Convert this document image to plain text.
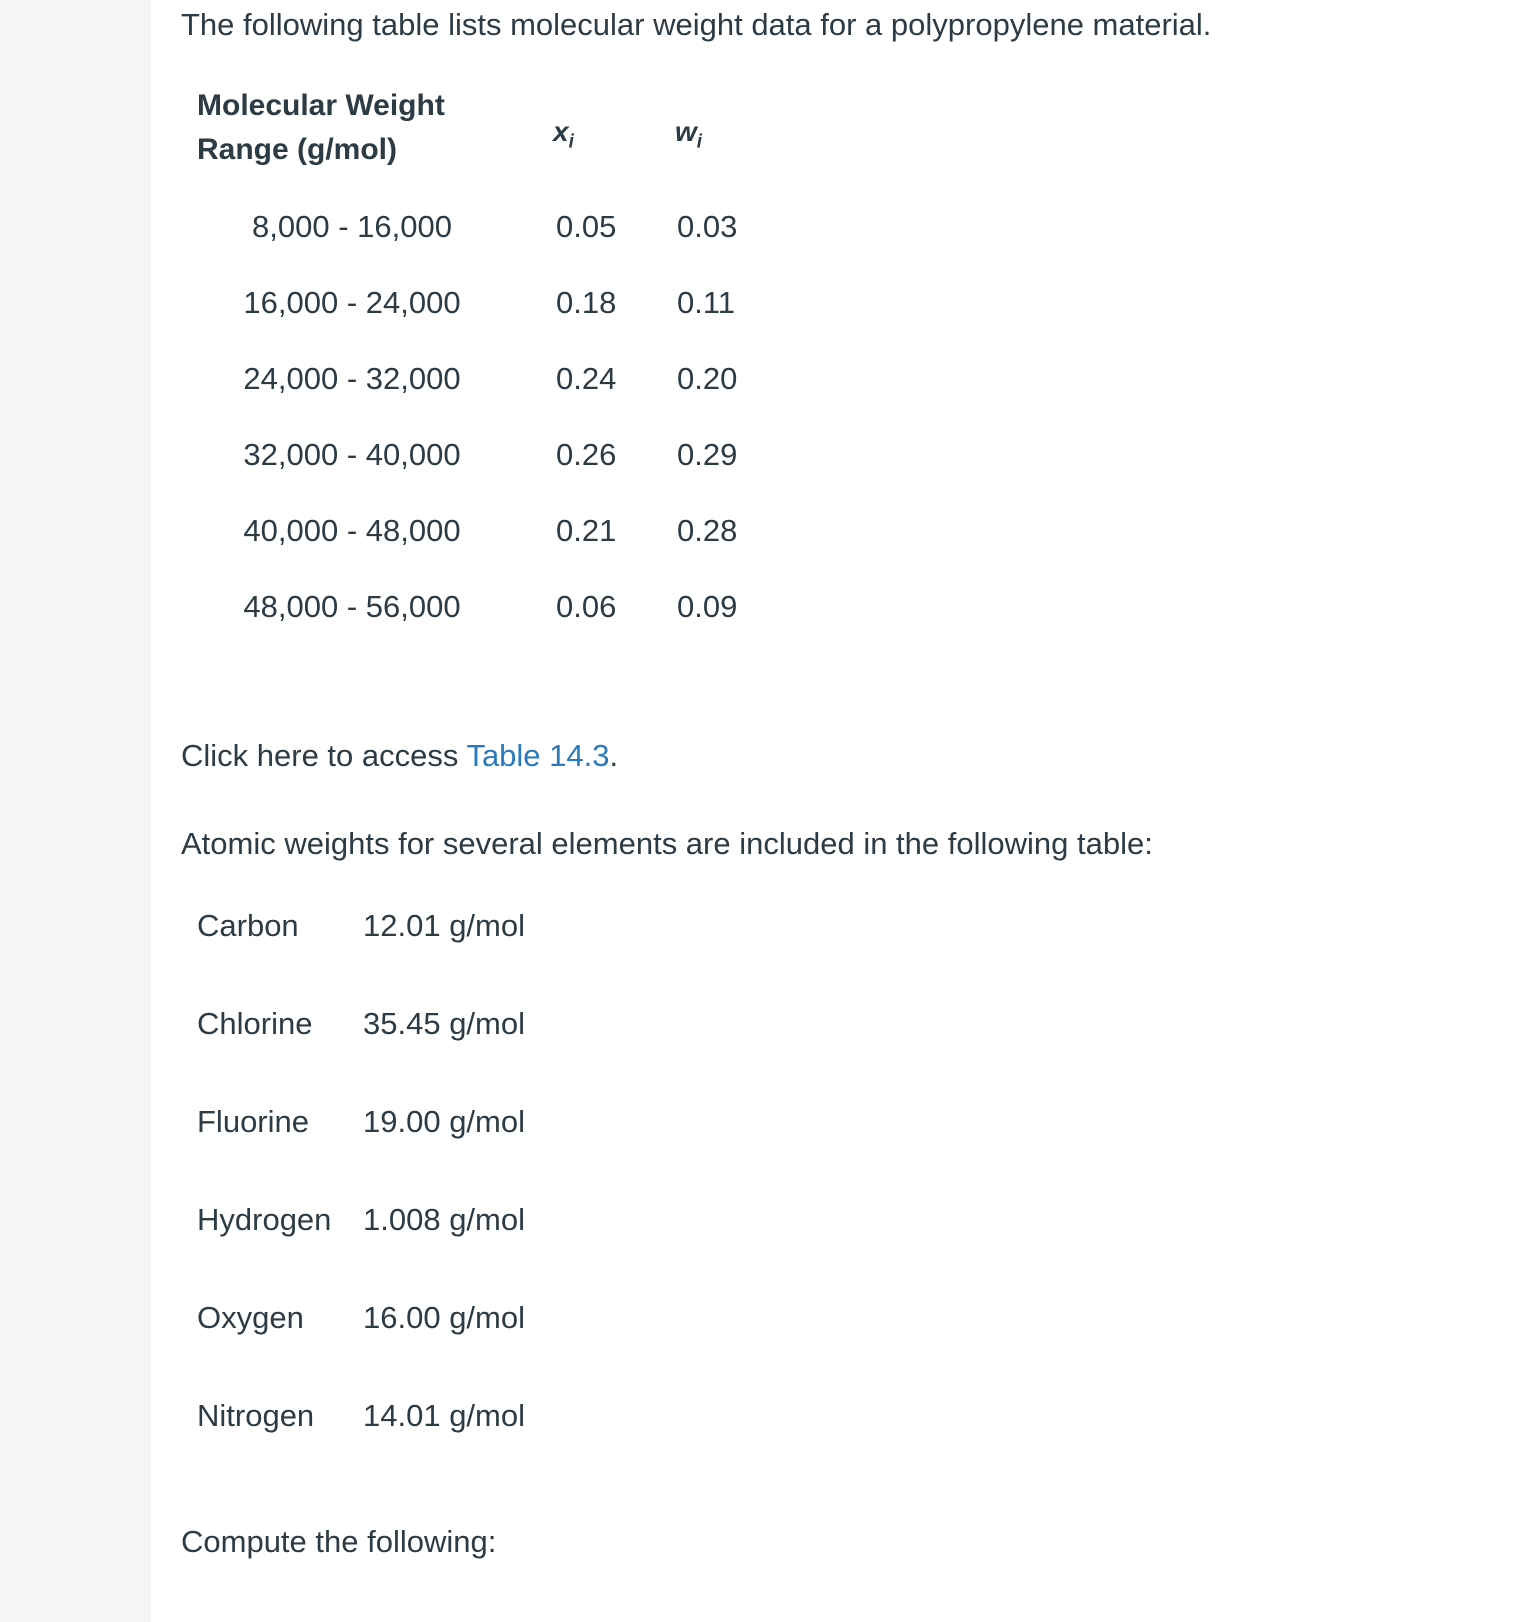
The following table lists molecular weight data for a polypropylene material.

Molecular Weight
Range (g/mol)
$x_i$	$w_i$
8,000 - 16,000	0.05 0.03
16,000 - 24,000	0.18 0.11
24,000 - 32,000	0.24 0.20
32,000 - 40,000	0.26 0.29
40,000 - 48,000	0.21 0.28
48,000 - 56,000	0.06 0.09

Click here to access Table 14.3.

Atomic weights for several elements are included in the following table:

Carbon 12.01 g/mol
Chlorine 35.45 g/mol
Fluorine 19.00 g/mol
Hydrogen 1.008 g/mol
Oxygen 16.00 g/mol
Nitrogen 14.01 g/mol

Compute the following:
